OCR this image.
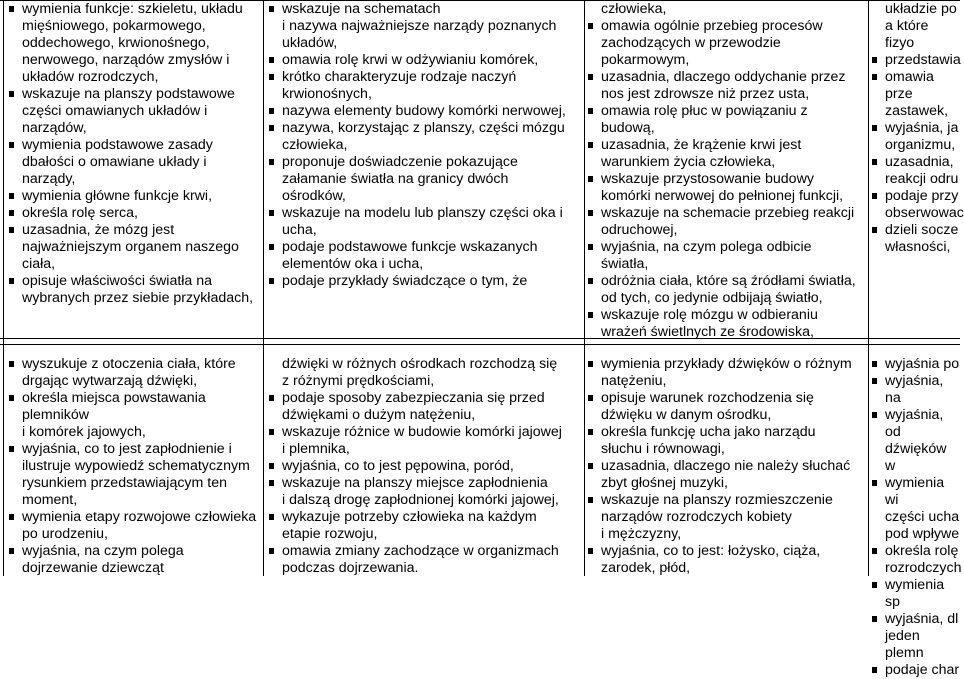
wymienia funkcje: szkieletu, układu
mięśniowego, pokarmowego,
oddechowego, krwionośnego,
nerwowego, narządów zmysłów i
układów rozrodczych,
wskazuje na planszy podstawowe
części omawianych układów i
narządów,
wymienia podstawowe zasady
dbałości o omawiane układy i
narządy,
wymienia główne funkcje krwi,
określa rolę serca,
uzasadnia, że mózg jest
najważniejszym organem naszego
ciała,
opisuje właściwości światła na
wybranych przez siebie przykładach,
wskazuje na schematach
i nazywa najważniejsze narządy poznanych
układów,
omawia rolę krwi w odżywianiu komórek,
krótko charakteryzuje rodzaje naczyń
krwionośnych,
nazywa elementy budowy komórki nerwowej,
nazywa, korzystając z planszy, części mózgu
człowieka,
proponuje doświadczenie pokazujące
załamanie światła na granicy dwóch
ośrodków,
wskazuje na modelu lub planszy części oka i
ucha,
podaje podstawowe funkcje wskazanych
elementów oka i ucha,
podaje przykłady świadczące o tym, że
człowieka,
omawia ogólnie przebieg procesów
zachodzących w przewodzie
pokarmowym,
uzasadnia, dlaczego oddychanie przez
nos jest zdrowsze niż przez usta,
omawia rolę płuc w powiązaniu z
budową,
uzasadnia, że krążenie krwi jest
warunkiem życia człowieka,
wskazuje przystosowanie budowy
komórki nerwowej do pełnionej funkcji,
wskazuje na schemacie przebieg reakcji
odruchowej,
wyjaśnia, na czym polega odbicie
światła,
odróżnia ciała, które są źródłami światła,
od tych, co jedynie odbijają światło,
wskazuje rolę mózgu w odbieraniu
wrażeń świetlnych ze środowiska,
układzie po
a które fizyo
przedstawia
omawia prze
zastawek,
wyjaśnia, ja
organizmu,
uzasadnia,
reakcji odru
podaje przy
obserwowac
dzieli socze
własności,
wyszukuje z otoczenia ciała, które
drgając wytwarzają dźwięki,
określa miejsca powstawania
plemników
i komórek jajowych,
wyjaśnia, co to jest zapłodnienie i
ilustruje wypowiedź schematycznym
rysunkiem przedstawiającym ten
moment,
wymienia etapy rozwojowe człowieka
po urodzeniu,
wyjaśnia, na czym polega
dojrzewanie dziewcząt
dźwięki w różnych ośrodkach rozchodzą się
z różnymi prędkościami,
podaje sposoby zabezpieczania się przed
dźwiękami o dużym natężeniu,
wskazuje różnice w budowie komórki jajowej
i plemnika,
wyjaśnia, co to jest pępowina, poród,
wskazuje na planszy miejsce zapłodnienia
i dalszą drogę zapłodnionej komórki jajowej,
wykazuje potrzeby człowieka na każdym
etapie rozwoju,
omawia zmiany zachodzące w organizmach
podczas dojrzewania.
wymienia przykłady dźwięków o różnym
natężeniu,
opisuje warunek rozchodzenia się
dźwięku w danym ośrodku,
określa funkcję ucha jako narządu
słuchu i równowagi,
uzasadnia, dlaczego nie należy słuchać
zbyt głośnej muzyki,
wskazuje na planszy rozmieszczenie
narządów rozrodczych kobiety
i mężczyzny,
wyjaśnia, co to jest: łożysko, ciąża,
zarodek, płód,
wyjaśnia po
wyjaśnia, na
wyjaśnia, od
dźwięków w
wymienia wi
części ucha
pod wpływe
określa rolę
rozrodczych
wymienia sp
wyjaśnia, dl
jeden plemn
podaje char
